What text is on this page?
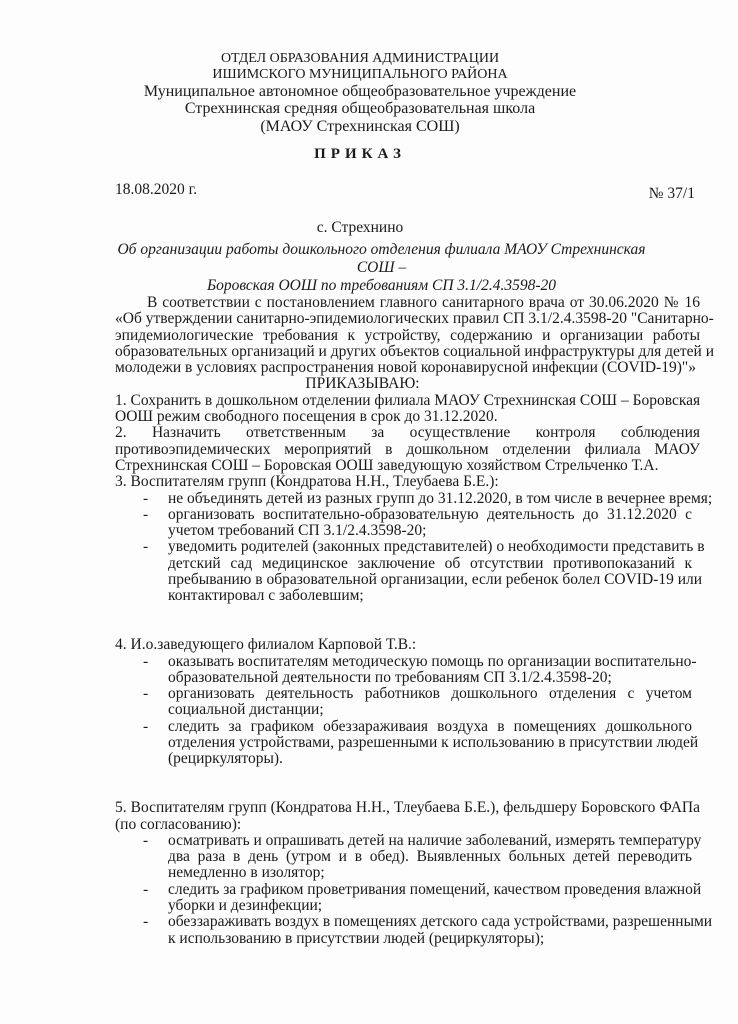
ОТДЕЛ ОБРАЗОВАНИЯ АДМИНИСТРАЦИИ
ИШИМСКОГО МУНИЦИПАЛЬНОГО РАЙОНА
Муниципальное автономное общеобразовательное учреждение
Стрехнинская средняя общеобразовательная школа
(МАОУ Стрехнинская СОШ)
ПРИКАЗ
18.08.2020 г.	№ 37/1
с. Стрехнино
Об организации работы дошкольного отделения филиала МАОУ Стрехнинская СОШ –
Боровская ООШ по требованиям СП 3.1/2.4.3598-20
В соответствии с постановлением главного санитарного врача от 30.06.2020 № 16
«Об утверждении санитарно-эпидемиологических правил СП 3.1/2.4.3598-20 "Санитарно-
эпидемиологические требования к устройству, содержанию и организации работы
образовательных организаций и других объектов социальной инфраструктуры для детей и
молодежи в условиях распространения новой коронавирусной инфекции (COVID-19)"»
ПРИКАЗЫВАЮ:
1. Сохранить в дошкольном отделении филиала МАОУ Стрехнинская СОШ – Боровская
ООШ режим свободного посещения в срок до 31.12.2020.
2. Назначить ответственным за осуществление контроля соблюдения
противоэпидемических мероприятий в дошкольном отделении филиала МАОУ
Стрехнинская СОШ – Боровская ООШ заведующую хозяйством Стрельченко Т.А.
3. Воспитателям групп (Кондратова Н.Н., Тлеубаева Б.Е.):
- не объединять детей из разных групп до 31.12.2020, в том числе в вечернее время;
- организовать воспитательно-образовательную деятельность до 31.12.2020 с
учетом требований СП 3.1/2.4.3598-20;
- уведомить родителей (законных представителей) о необходимости представить в
детский сад медицинское заключение об отсутствии противопоказаний к
пребыванию в образовательной организации, если ребенок болел COVID-19 или
контактировал с заболевшим;
4. И.о.заведующего филиалом Карповой Т.В.:
- оказывать воспитателям методическую помощь по организации воспитательно-
образовательной деятельности по требованиям СП 3.1/2.4.3598-20;
- организовать деятельность работников дошкольного отделения с учетом
социальной дистанции;
- следить за графиком обеззараживаия воздуха в помещениях дошкольного
отделения устройствами, разрешенными к использованию в присутствии людей
(рециркуляторы).
5. Воспитателям групп (Кондратова Н.Н., Тлеубаева Б.Е.), фельдшеру Боровского ФАПа
(по согласованию):
- осматривать и опрашивать детей на наличие заболеваний, измерять температуру
два раза в день (утром и в обед). Выявленных больных детей переводить
немедленно в изолятор;
- следить за графиком проветривания помещений, качеством проведения влажной
уборки и дезинфекции;
- обеззараживать воздух в помещениях детского сада устройствами, разрешенными
к использованию в присутствии людей (рециркуляторы);
